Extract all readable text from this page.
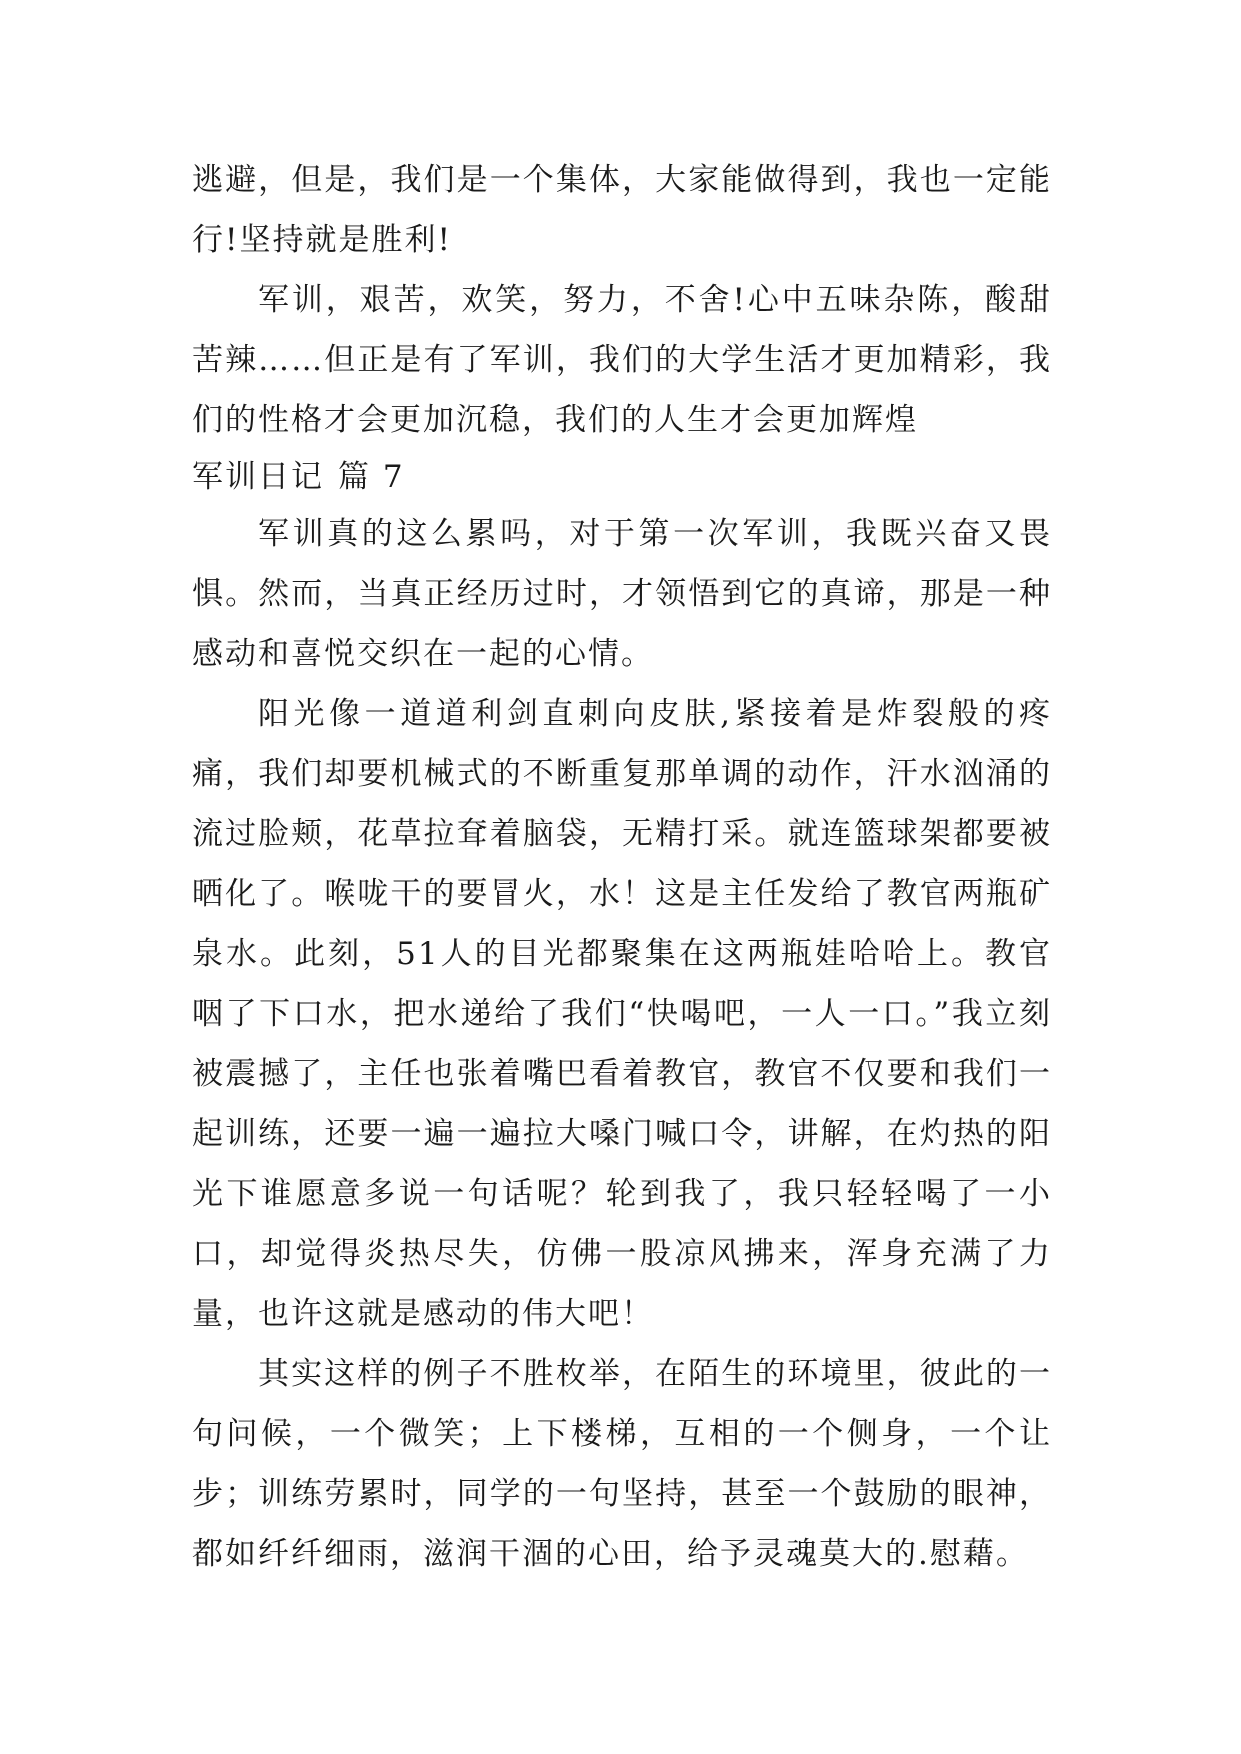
逃避，但是，我们是一个集体，大家能做得到，我也一定能行!坚持就是胜利!

军训，艰苦，欢笑，努力，不舍!心中五味杂陈，酸甜苦辣……但正是有了军训，我们的大学生活才更加精彩，我们的性格才会更加沉稳，我们的人生才会更加辉煌

军训日记 篇 7

军训真的这么累吗，对于第一次军训，我既兴奋又畏惧。然而，当真正经历过时，才领悟到它的真谛，那是一种感动和喜悦交织在一起的心情。

阳光像一道道利剑直刺向皮肤,紧接着是炸裂般的疼痛，我们却要机械式的不断重复那单调的动作，汗水汹涌的流过脸颊，花草拉耷着脑袋，无精打采。就连篮球架都要被晒化了。喉咙干的要冒火，水！这是主任发给了教官两瓶矿泉水。此刻，51人的目光都聚集在这两瓶娃哈哈上。教官咽了下口水，把水递给了我们“快喝吧，一人一口。”我立刻被震撼了，主任也张着嘴巴看着教官，教官不仅要和我们一起训练，还要一遍一遍拉大嗓门喊口令，讲解，在灼热的阳光下谁愿意多说一句话呢？轮到我了，我只轻轻喝了一小口，却觉得炎热尽失，仿佛一股凉风拂来，浑身充满了力量，也许这就是感动的伟大吧！

其实这样的例子不胜枚举，在陌生的环境里，彼此的一句问候，一个微笑；上下楼梯，互相的一个侧身，一个让步；训练劳累时，同学的一句坚持，甚至一个鼓励的眼神，都如纤纤细雨，滋润干涸的心田，给予灵魂莫大的.慰藉。
